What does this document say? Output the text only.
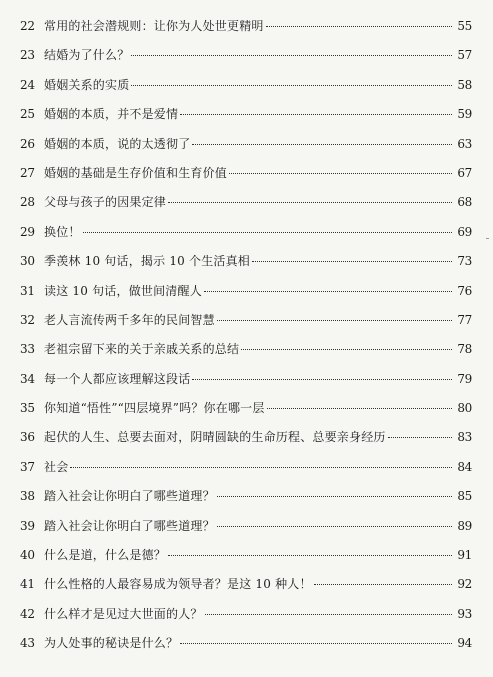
22 常用的社会潜规则：让你为人处世更精明	55
23 结婚为了什么？	57
24 婚姻关系的实质	58
25 婚姻的本质，并不是爱情	59
26 婚姻的本质，说的太透彻了	63
27 婚姻的基础是生存价值和生育价值	67
28 父母与孩子的因果定律	68
29 换位！	69
30 季羡林 10 句话，揭示 10 个生活真相	73
31 读这 10 句话，做世间清醒人	76
32 老人言流传两千多年的民间智慧	77
33 老祖宗留下来的关于亲戚关系的总结	78
34 每一个人都应该理解这段话	79
35 你知道“悟性”“四层境界”吗？你在哪一层	80
36 起伏的人生、总要去面对，阴晴圆缺的生命历程、总要亲身经历	83
37 社会	84
38 踏入社会让你明白了哪些道理？	85
39 踏入社会让你明白了哪些道理？	89
40 什么是道，什么是德？	91
41 什么性格的人最容易成为领导者？是这 10 种人！	92
42 什么样才是见过大世面的人？	93
43 为人处事的秘诀是什么？	94
